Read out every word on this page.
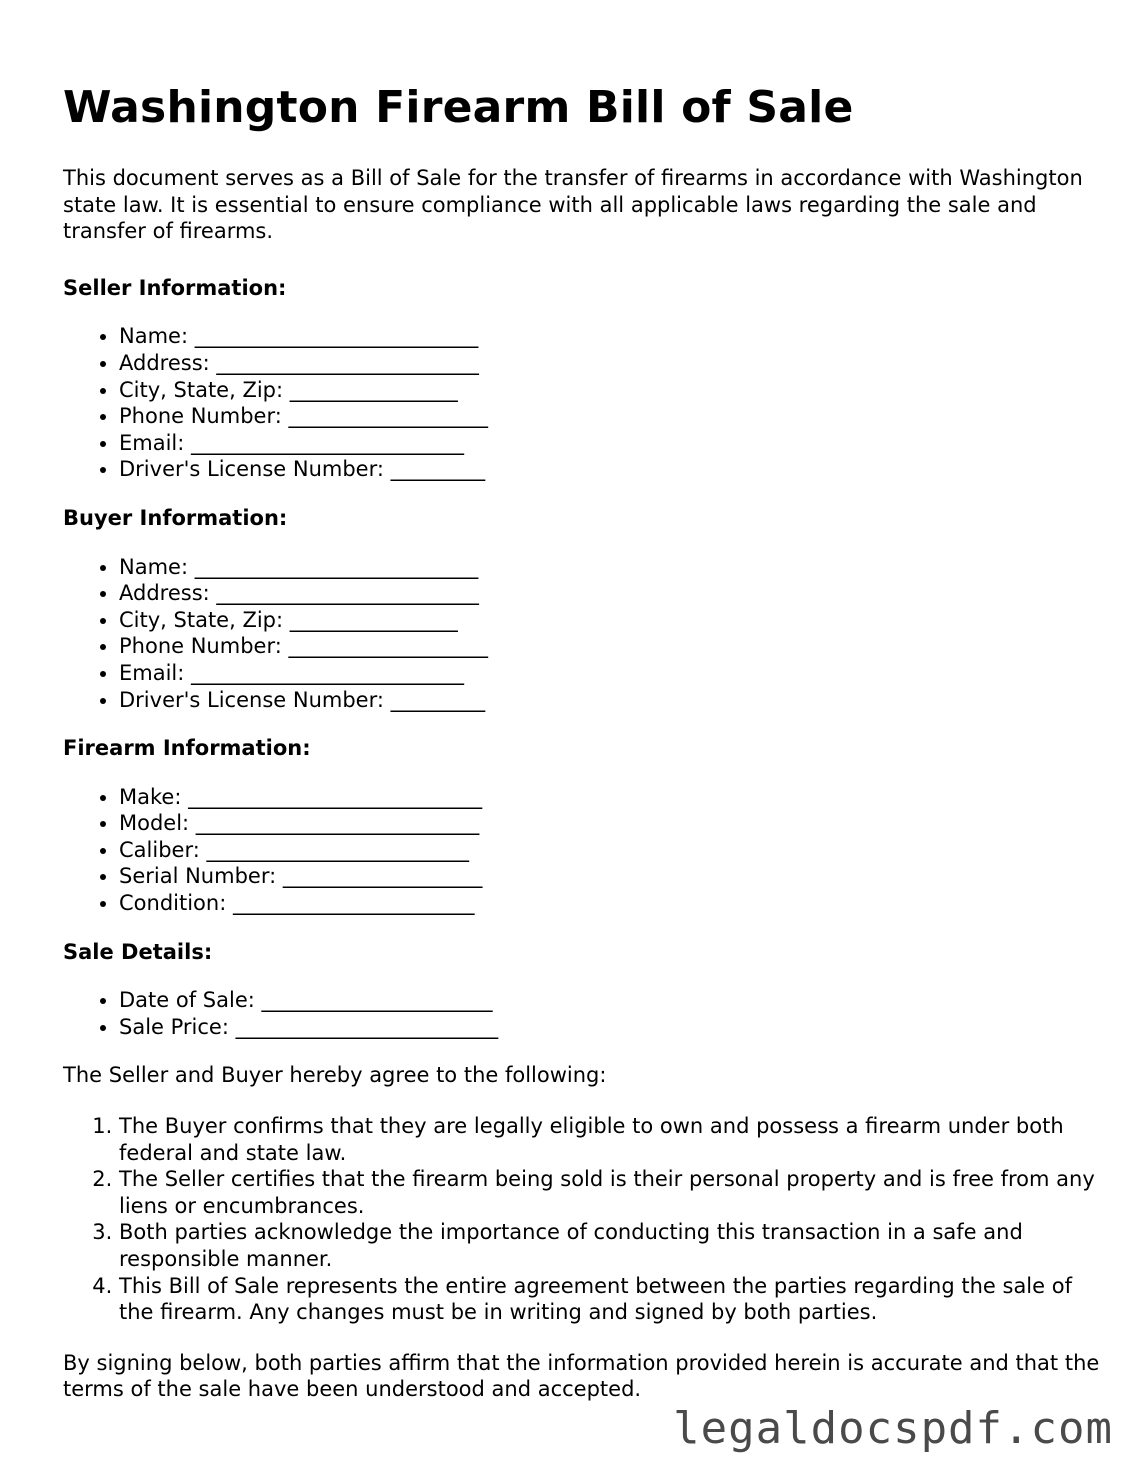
Washington Firearm Bill of Sale

This document serves as a Bill of Sale for the transfer of firearms in accordance with Washington state law. It is essential to ensure compliance with all applicable laws regarding the sale and transfer of firearms.

Seller Information:
• Name: ___________________________
• Address: _________________________
• City, State, Zip: ________________
• Phone Number: ___________________
• Email: __________________________
• Driver's License Number: _________
Buyer Information:
• Name: ___________________________
• Address: _________________________
• City, State, Zip: ________________
• Phone Number: ___________________
• Email: __________________________
• Driver's License Number: _________
Firearm Information:
• Make: ____________________________
• Model: ___________________________
• Caliber: _________________________
• Serial Number: ___________________
• Condition: _______________________
Sale Details:
• Date of Sale: ______________________
• Sale Price: _________________________

The Seller and Buyer hereby agree to the following:

1. The Buyer confirms that they are legally eligible to own and possess a firearm under both federal and state law.
2. The Seller certifies that the firearm being sold is their personal property and is free from any liens or encumbrances.
3. Both parties acknowledge the importance of conducting this transaction in a safe and responsible manner.
4. This Bill of Sale represents the entire agreement between the parties regarding the sale of the firearm. Any changes must be in writing and signed by both parties.

By signing below, both parties affirm that the information provided herein is accurate and that the terms of the sale have been understood and accepted.

legaldocspdf.com
